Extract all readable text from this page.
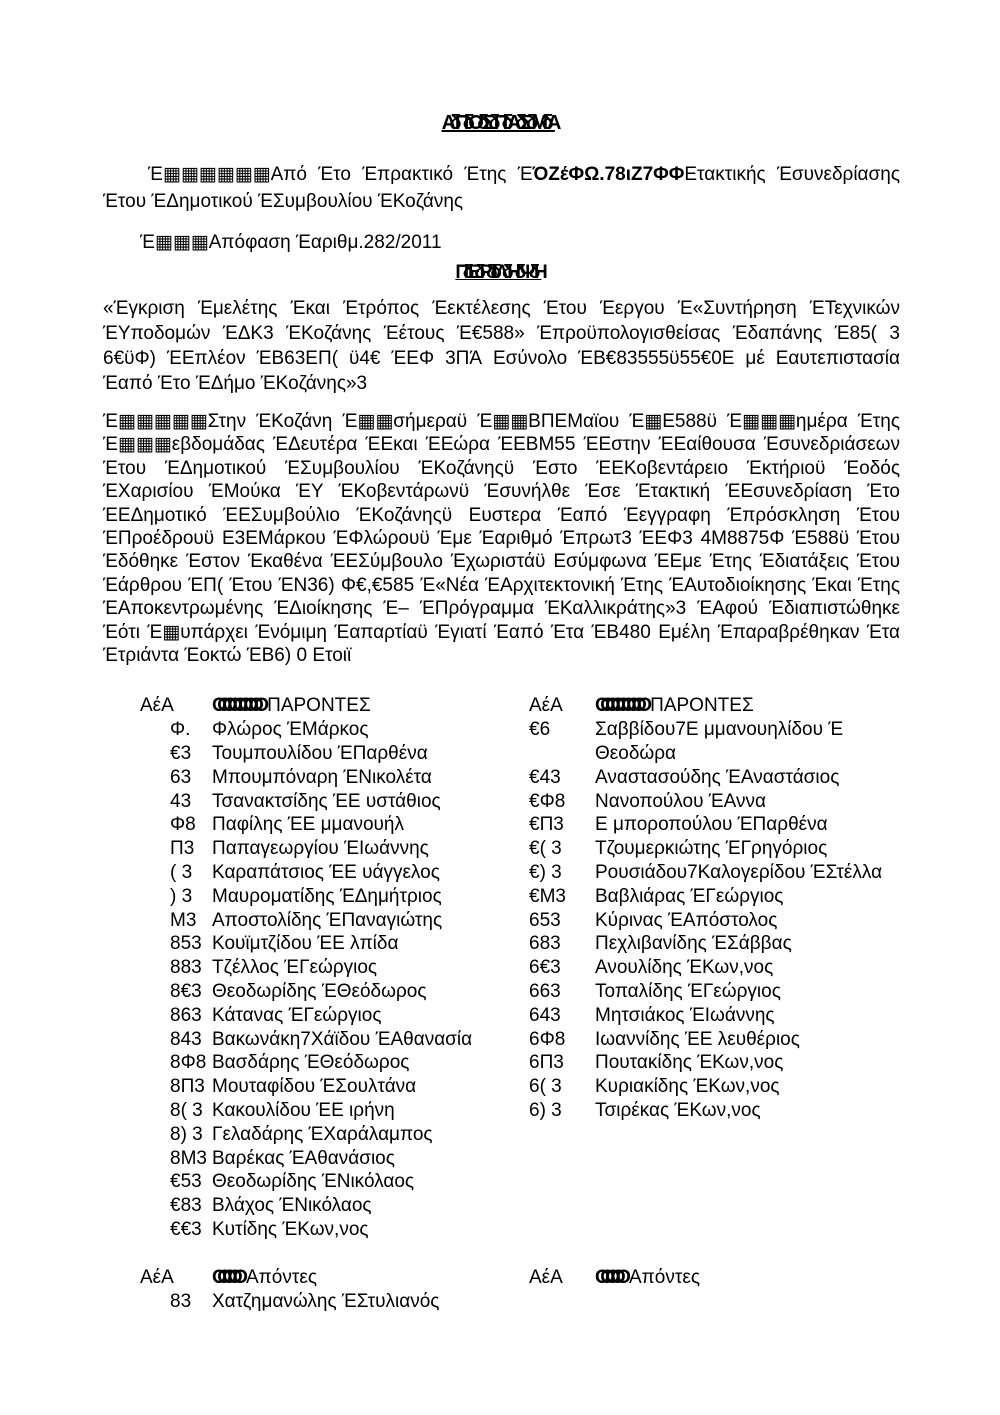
ΑδΠδΟδΣδΠδΑδΣδΜδΑ

Έ▦▦▦▦▦▦Από Έτο Έπρακτικό Έτης ΈΌΖέΦΩ.78ιΖ7ΦΦΕτακτικής Έσυνεδρίασης Έτου ΈΔημοτικού ΈΣυμβουλίου ΈΚοζάνης

Έ▦▦▦Απόφαση Έαριθμ.282/2011

ΠδΕδΡδΙδΛδΗδΨδΗ

«Έγκριση Έμελέτης Έκαι Έτρόπος Έεκτέλεσης Έτου Έεργου Έ«Συντήρηση ΈΤεχνικών ΈΥποδομών ΈΔΚ3 ΈΚοζάνης Έέτους Έ€588» Έπροϋπολογισθείσας Έδαπάνης Έ85( 3 6€ϋΦ) ΈΕπλέον ΈΒ63ΕΠ( ϋ4€ ΈΕΦ 3ΠΆ Εσύνολο ΈΒ€83555ϋ55€0Ε μέ Εαυτεπιστασία Έαπό Έτο ΈΔήμο ΈΚοζάνης»3

Έ▦▦▦▦▦Στην ΈΚοζάνη Έ▦▦σήμεραϋ Έ▦▦ΒΠΕΜαϊου Έ▦Ε588ϋ Έ▦▦▦ημέρα Έτης Έ▦▦▦εβδομάδας ΈΔευτέρα ΈΕκαι ΈΕώρα ΈΕΒΜ55 ΈΕστην ΈΕαίθουσα Έσυνεδριάσεων Έτου ΈΔημοτικού ΈΣυμβουλίου ΈΚοζάνηςϋ Έστο ΈΕΚοβεντάρειο Έκτήριοϋ Έοδός ΈΧαρισίου ΈΜούκα ΈΥ ΈΚοβεντάρωνϋ Έσυνήλθε Έσε Έτακτική ΈΕσυνεδρίαση Έτο ΈΕΔημοτικό ΈΕΣυμβούλιο ΈΚοζάνηςϋ Ευστερα Έαπό Έεγγραφη Έπρόσκληση Έτου ΈΠροέδρουϋ Ε3ΕΜάρκου ΈΦλώρουϋ Έμε Έαριθμό Έπρωτ3 ΈΕΦ3 4Μ8875Φ Έ588ϋ Έτου Έδόθηκε Έστον Έκαθένα ΈΕΣύμβουλο Έχωριστάϋ Εσύμφωνα ΈΕμε Έτης Έδιατάξεις Έτου Έάρθρου ΈΠ( Έτου ΈΝ36) Φ€,€585 Έ«Νέα ΈΑρχιτεκτονική Έτης ΈΑυτοδιοίκησης Έκαι Έτης ΈΑποκεντρωμένης ΈΔιοίκησης Έ– ΈΠρόγραμμα ΈΚαλλικράτης»3 ΈΑφού Έδιαπιστώθηκε Έότι Έ▦υπάρχει Ένόμιμη Έαπαρτίαϋ Έγιατί Έαπό Έτα ΈΒ480 Εμέλη Έπαραβρέθηκαν Έτα Έτριάντα Έοκτώ ΈΒ6) 0 Ετοιϊ

ΑέΑ	ΟΟΟΟΟΟΟΟΟ ΠΑΡΟΝΤΕΣ
Φ.	Φλώρος ΈΜάρκος
€3	Τουμπουλίδου ΈΠαρθένα
63	Μπουμπόναρη ΈΝικολέτα
43	Τσανακτσίδης ΈΕ υστάθιος
Φ8 Παφίλης ΈΕ μμανουήλ
Π3 Παπαγεωργίου ΈΙωάννης
( 3	Καραπάτσιος ΈΕ υάγγελος
) 3	Μαυροματίδης ΈΔημήτριος
Μ3 Αποστολίδης ΈΠαναγιώτης
853 Κουϊμτζίδου ΈΕ λπίδα
883 Τζέλλος ΈΓεώργιος
8€3 Θεοδωρίδης ΈΘεόδωρος
863 Κάτανας ΈΓεώργιος
843 Βακωνάκη7Χάϊδου ΈΑθανασία
8Φ8 Βασδάρης ΈΘεόδωρος
8Π3 Μουταφίδου ΈΣουλτάνα
8( 3 Κακουλίδου ΈΕ ιρήνη
8) 3 Γελαδάρης ΈΧαράλαμπος
8Μ3 Βαρέκας ΈΑθανάσιος
€53 Θεοδωρίδης ΈΝικόλαος
€83 Βλάχος ΈΝικόλαος
€€3 Κυτίδης ΈΚων,νος
ΑέΑ	ΟΟΟΟΟΟΟΟΟ ΠΑΡΟΝΤΕΣ
€6	Σαββίδου7Ε μμανουηλίδου Έ Θεοδώρα
€43	Αναστασούδης ΈΑναστάσιος
€Φ8	Νανοπούλου ΈΑννα
€Π3	Ε μποροπούλου ΈΠαρθένα
€( 3	Τζουμερκιώτης ΈΓρηγόριος
€) 3	Ρουσιάδου7Καλογερίδου ΈΣτέλλα
€Μ3	Βαβλιάρας ΈΓεώργιος
653	Κύρινας ΈΑπόστολος
683	Πεχλιβανίδης ΈΣάββας
6€3	Ανουλίδης ΈΚων,νος
663	Τοπαλίδης ΈΓεώργιος
643	Μητσιάκος ΈΙωάννης
6Φ8	Ιωαννίδης ΈΕ λευθέριος
6Π3	Πουτακίδης ΈΚων,νος
6( 3	Κυριακίδης ΈΚων,νος
6) 3	Τσιρέκας ΈΚων,νος
ΑέΑ	ΟΟΟΟΟ Απόντες
83	Χατζημανώλης ΈΣτυλιανός
ΑέΑ	ΟΟΟΟΟ Απόντες
